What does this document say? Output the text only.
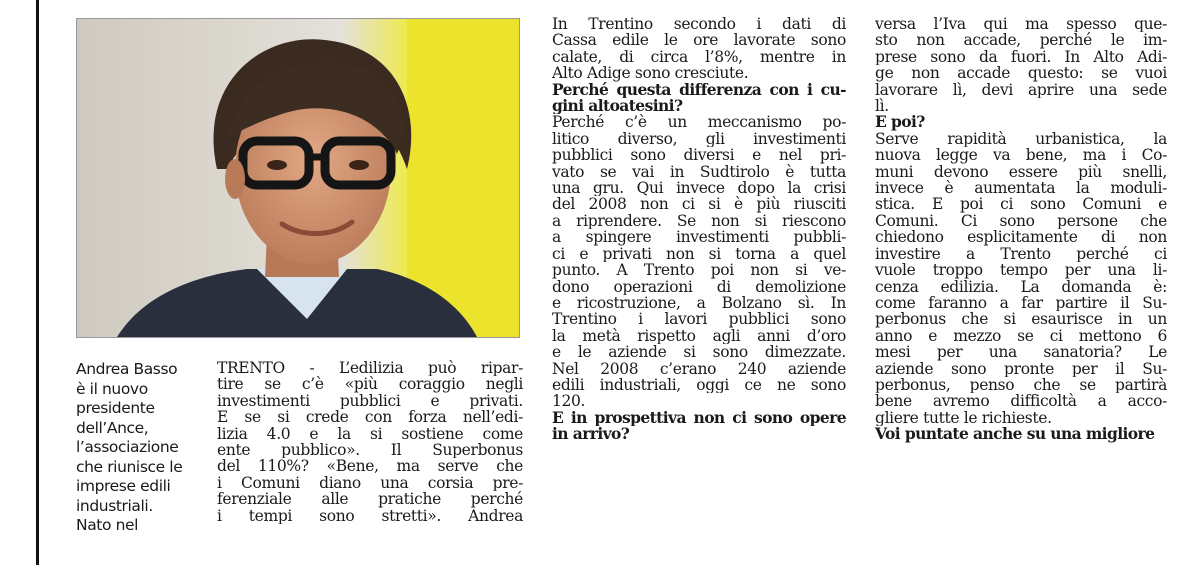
Andrea Basso
è il nuovo
presidente
dell’Ance,
l’associazione
che riunisce le
imprese edili
industriali.
Nato nel

TRENTO - L’edilizia può ripar-
tire se c’è «più coraggio negli
investimenti pubblici e privati.
E se si crede con forza nell’edi-
lizia 4.0 e la si sostiene come
ente pubblico». Il Superbonus
del 110%? «Bene, ma serve che
i Comuni diano una corsia pre-
ferenziale alle pratiche perché
i tempi sono stretti». Andrea

In Trentino secondo i dati di
Cassa edile le ore lavorate sono
calate, di circa l’8%, mentre in
Alto Adige sono cresciute.

Perché questa differenza con i cu-
gini altoatesini?

Perché c’è un meccanismo po-
litico diverso, gli investimenti
pubblici sono diversi e nel pri-
vato se vai in Sudtirolo è tutta
una gru. Qui invece dopo la crisi
del 2008 non ci si è più riusciti
a riprendere. Se non si riescono
a spingere investimenti pubbli-
ci e privati non si torna a quel
punto. A Trento poi non si ve-
dono operazioni di demolizione
e ricostruzione, a Bolzano sì. In
Trentino i lavori pubblici sono
la metà rispetto agli anni d’oro
e le aziende si sono dimezzate.
Nel 2008 c’erano 240 aziende
edili industriali, oggi ce ne sono
120.

E in prospettiva non ci sono opere
in arrivo?

versa l’Iva qui ma spesso que-
sto non accade, perché le im-
prese sono da fuori. In Alto Adi-
ge non accade questo: se vuoi
lavorare lì, devi aprire una sede
lì.

E poi?

Serve rapidità urbanistica, la
nuova legge va bene, ma i Co-
muni devono essere più snelli,
invece è aumentata la moduli-
stica. E poi ci sono Comuni e
Comuni. Ci sono persone che
chiedono esplicitamente di non
investire a Trento perché ci
vuole troppo tempo per una li-
cenza edilizia. La domanda è:
come faranno a far partire il Su-
perbonus che si esaurisce in un
anno e mezzo se ci mettono 6
mesi per una sanatoria? Le
aziende sono pronte per il Su-
perbonus, penso che se partirà
bene avremo difficoltà a acco-
gliere tutte le richieste.

Voi puntate anche su una migliore
